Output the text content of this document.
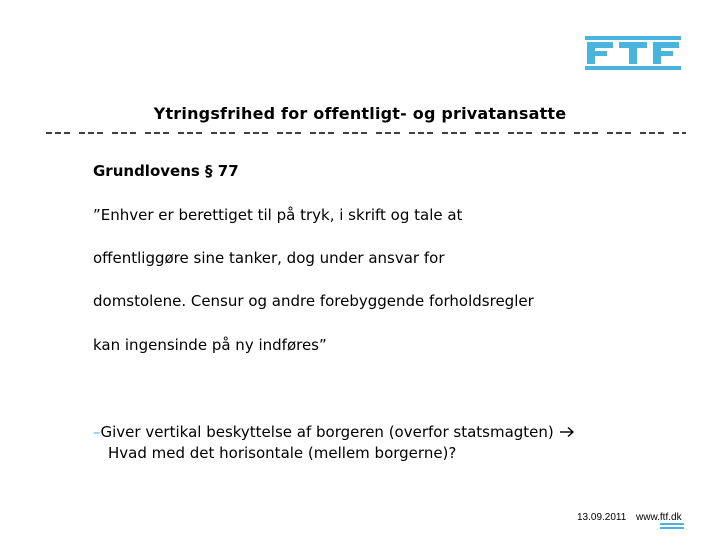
Ytringsfrihed for offentligt- og privatansatte
Grundlovens § 77
”Enhver er berettiget til på tryk, i skrift og tale at
offentliggøre sine tanker, dog under ansvar for
domstolene. Censur og andre forebyggende forholdsregler
kan ingensinde på ny indføres”
–Giver vertikal beskyttelse af borgeren (overfor statsmagten)
Hvad med det horisontale (mellem borgerne)?
13.09.2011 www.ftf.dk
